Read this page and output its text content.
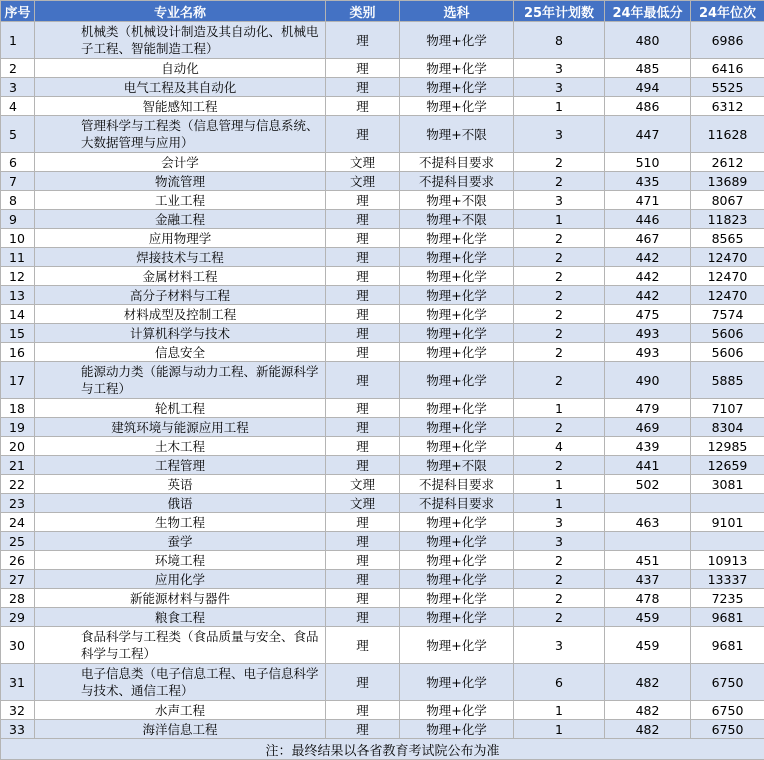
序号	专业名称	类别	选科	25年计划数	24年最低分	24年位次
1	机械类（机械设计制造及其自动化、机械电子工程、智能制造工程）	理	物理+化学	8	480	6986
2	自动化	理	物理+化学	3	485	6416
3	电气工程及其自动化	理	物理+化学	3	494	5525
4	智能感知工程	理	物理+化学	1	486	6312
5	管理科学与工程类（信息管理与信息系统、大数据管理与应用）	理	物理+不限	3	447	11628
6	会计学	文理	不提科目要求	2	510	2612
7	物流管理	文理	不提科目要求	2	435	13689
8	工业工程	理	物理+不限	3	471	8067
9	金融工程	理	物理+不限	1	446	11823
10	应用物理学	理	物理+化学	2	467	8565
11	焊接技术与工程	理	物理+化学	2	442	12470
12	金属材料工程	理	物理+化学	2	442	12470
13	高分子材料与工程	理	物理+化学	2	442	12470
14	材料成型及控制工程	理	物理+化学	2	475	7574
15	计算机科学与技术	理	物理+化学	2	493	5606
16	信息安全	理	物理+化学	2	493	5606
17	能源动力类（能源与动力工程、新能源科学与工程）	理	物理+化学	2	490	5885
18	轮机工程	理	物理+化学	1	479	7107
19	建筑环境与能源应用工程	理	物理+化学	2	469	8304
20	土木工程	理	物理+化学	4	439	12985
21	工程管理	理	物理+不限	2	441	12659
22	英语	文理	不提科目要求	1	502	3081
23	俄语	文理	不提科目要求	1		
24	生物工程	理	物理+化学	3	463	9101
25	蚕学	理	物理+化学	3		
26	环境工程	理	物理+化学	2	451	10913
27	应用化学	理	物理+化学	2	437	13337
28	新能源材料与器件	理	物理+化学	2	478	7235
29	粮食工程	理	物理+化学	2	459	9681
30	食品科学与工程类（食品质量与安全、食品科学与工程）	理	物理+化学	3	459	9681
31	电子信息类（电子信息工程、电子信息科学与技术、通信工程）	理	物理+化学	6	482	6750
32	水声工程	理	物理+化学	1	482	6750
33	海洋信息工程	理	物理+化学	1	482	6750
注：最终结果以各省教育考试院公布为准						
